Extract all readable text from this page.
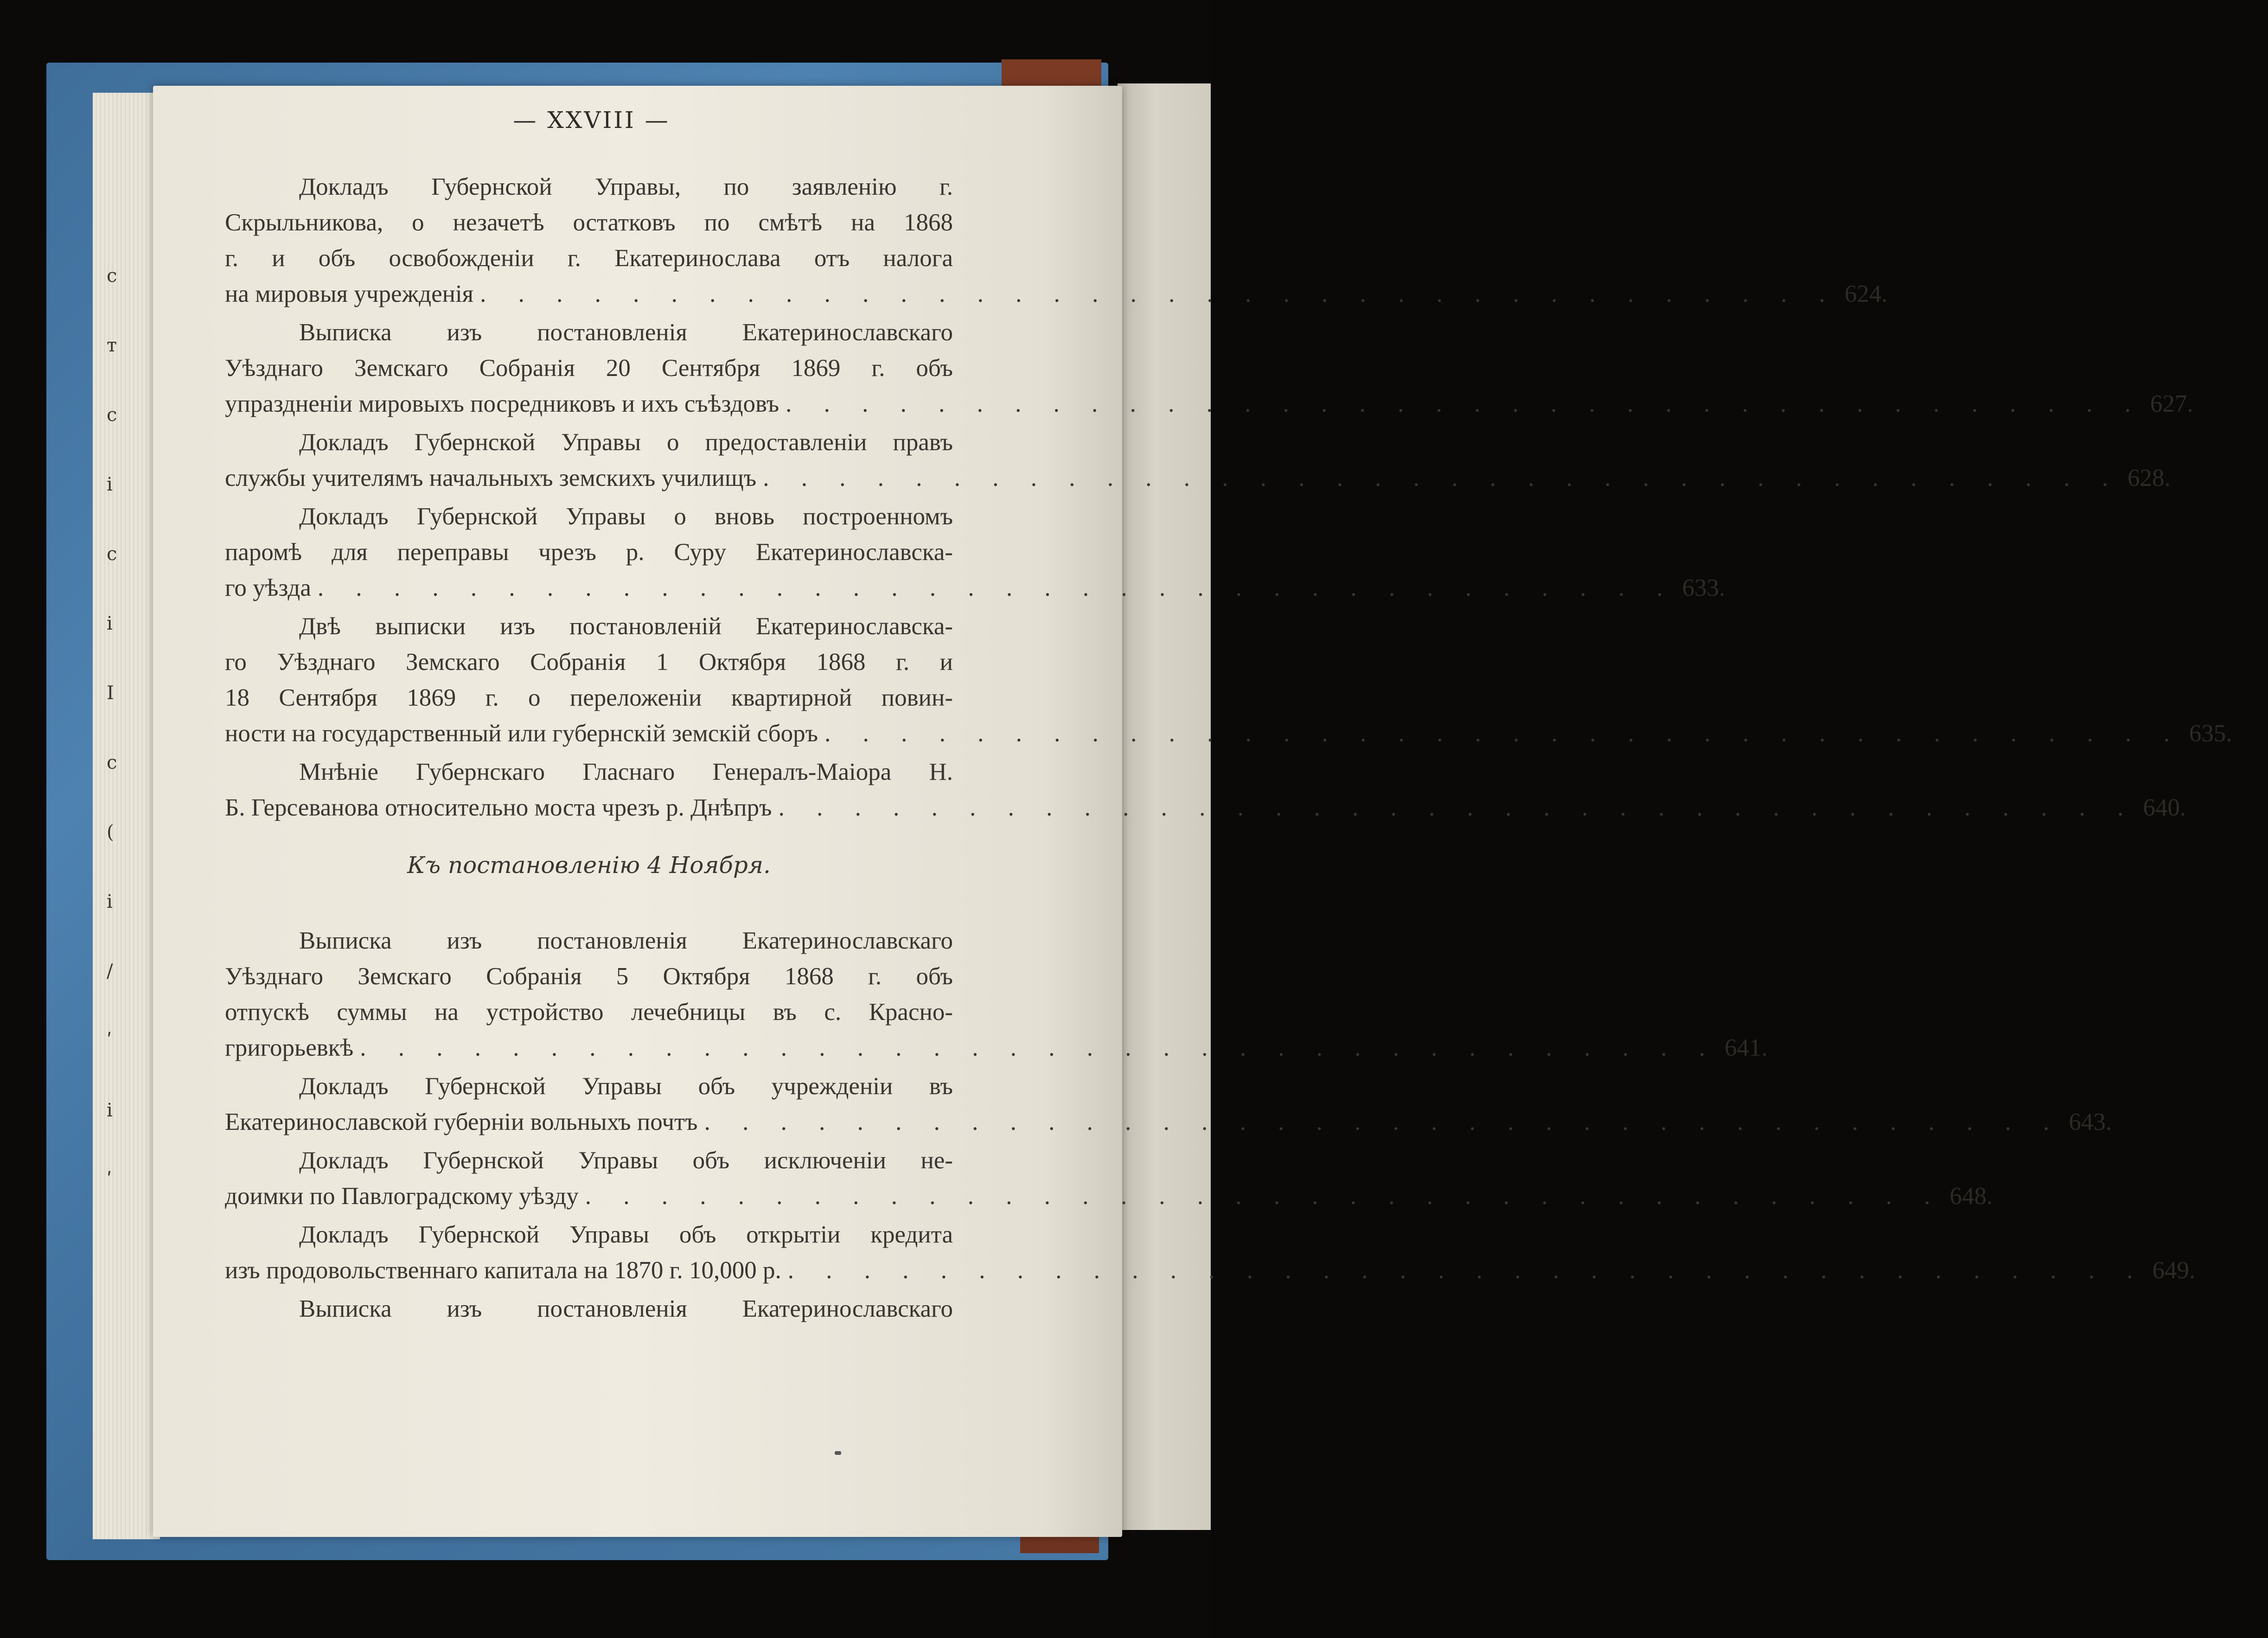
с
т
с
і
с
і
I
с
(
і
/
ʹ
і
ʹ
— XXVIII —
Докладъ Губернской Управы, по заявленію г.
Скрыльникова, о незачетѣ остатковъ по смѣтѣ на 1868
г. и объ освобожденіи г. Екатеринослава отъ налога
на мировыя учрежденія . . . . . . . . . . . . . . . . . . . . . . . . . . . . . . . . . . . . 624.
Выписка изъ постановленія Екатеринославскаго
Уѣзднаго Земскаго Собранія 20 Сентября 1869 г. объ
упраздненіи мировыхъ посредниковъ и ихъ съѣздовъ . . . . . . . . . . . . . . . . . . . . . . . . . . . . . . . . . . . . 627.
Докладъ Губернской Управы о предоставленіи правъ
службы учителямъ начальныхъ земскихъ училищъ . . . . . . . . . . . . . . . . . . . . . . . . . . . . . . . . . . . . 628.
Докладъ Губернской Управы о вновь построенномъ
паромѣ для переправы чрезъ р. Суру Екатеринославска-
го уѣзда . . . . . . . . . . . . . . . . . . . . . . . . . . . . . . . . . . . . 633.
Двѣ выписки изъ постановленій Екатеринославска-
го Уѣзднаго Земскаго Собранія 1 Октября 1868 г. и
18 Сентября 1869 г. о переложеніи квартирной повин-
ности на государственный или губернскій земскій сборъ . . . . . . . . . . . . . . . . . . . . . . . . . . . . . . . . . . . . 635.
Мнѣніе Губернскаго Гласнаго Генералъ-Маіора Н.
Б. Герсеванова относительно моста чрезъ р. Днѣпръ . . . . . . . . . . . . . . . . . . . . . . . . . . . . . . . . . . . . 640.
Къ постановленію 4 Ноября.
Выписка изъ постановленія Екатеринославскаго
Уѣзднаго Земскаго Собранія 5 Октября 1868 г. объ
отпускѣ суммы на устройство лечебницы въ с. Красно-
григорьевкѣ . . . . . . . . . . . . . . . . . . . . . . . . . . . . . . . . . . . . 641.
Докладъ Губернской Управы объ учрежденіи въ
Екатеринославской губерніи вольныхъ почтъ . . . . . . . . . . . . . . . . . . . . . . . . . . . . . . . . . . . . 643.
Докладъ Губернской Управы объ исключеніи не-
доимки по Павлоградскому уѣзду . . . . . . . . . . . . . . . . . . . . . . . . . . . . . . . . . . . . 648.
Докладъ Губернской Управы объ открытіи кредита
изъ продовольственнаго капитала на 1870 г. 10,000 р. . . . . . . . . . . . . . . . . . . . . . . . . . . . . . . . . . . . . 649.
Выписка изъ постановленія Екатеринославскаго
